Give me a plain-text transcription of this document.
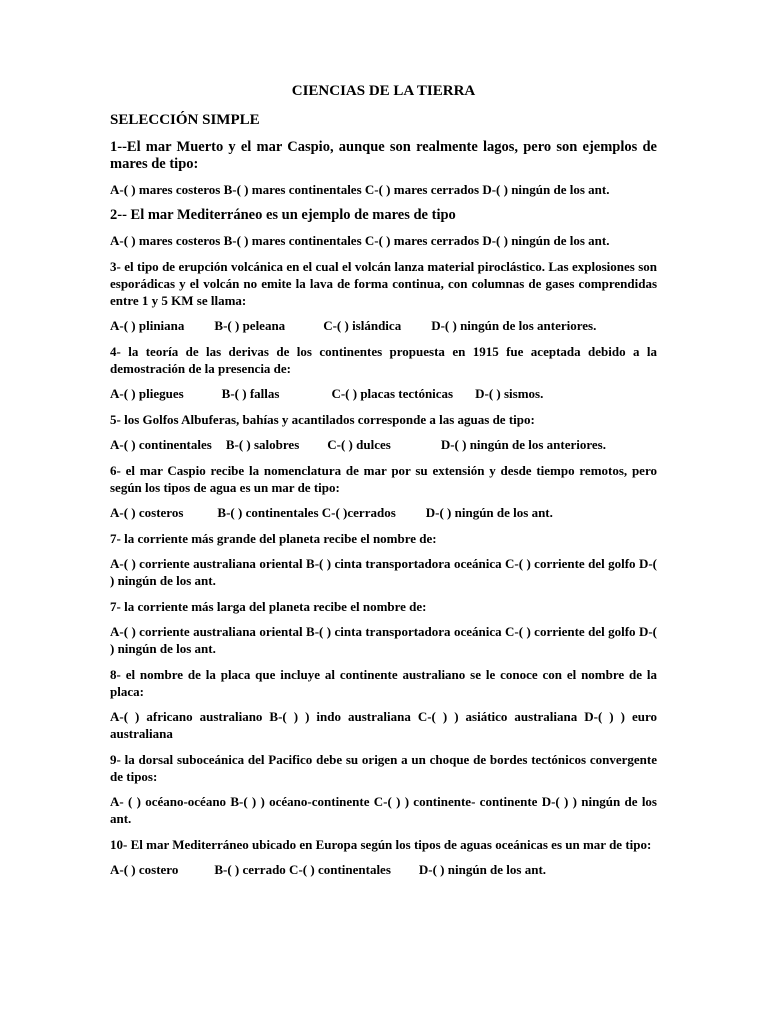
CIENCIAS DE LA TIERRA
SELECCIÓN SIMPLE
1--El mar Muerto y el mar Caspio, aunque son realmente lagos, pero son ejemplos de mares de tipo:
A-( ) mares costeros B-( ) mares continentales C-( ) mares cerrados D-( ) ningún de los ant.
2-- El mar Mediterráneo es un ejemplo de mares de tipo
A-( ) mares costeros B-( ) mares continentales C-( ) mares cerrados D-( ) ningún de los ant.
3- el tipo de erupción volcánica en el cual el volcán lanza material piroclástico. Las explosiones son esporádicas y el volcán no emite la lava de forma continua, con columnas de gases comprendidas entre 1 y 5 KM se llama:
A-( ) pliniana B-( ) peleana	C-( ) islándica D-( ) ningún de los anteriores.
4- la teoría de las derivas de los continentes propuesta en 1915 fue aceptada debido a la demostración de la presencia de:
A-( ) pliegues	B-( ) fallas	C-( ) placas tectónicas D-( ) sismos.
5- los Golfos Albuferas, bahías y acantilados corresponde a las aguas de tipo:
A-( ) continentales B-( ) salobres C-( ) dulces	D-( ) ningún de los anteriores.
6- el mar Caspio recibe la nomenclatura de mar por su extensión y desde tiempo remotos, pero según los tipos de agua es un mar de tipo:
A-( ) costeros	B-( ) continentales C-( )cerrados D-( ) ningún de los ant.
7- la corriente más grande del planeta recibe el nombre de:
A-( ) corriente australiana oriental B-( ) cinta transportadora oceánica C-( ) corriente del golfo D-( ) ningún de los ant.
7- la corriente más larga del planeta recibe el nombre de:
A-( ) corriente australiana oriental B-( ) cinta transportadora oceánica C-( ) corriente del golfo D-( ) ningún de los ant.
8- el nombre de la placa que incluye al continente australiano se le conoce con el nombre de la placa:
A-( ) africano australiano B-( ) ) indo australiana C-( ) ) asiático australiana D-( ) ) euro australiana
9- la dorsal suboceánica del Pacifico debe su origen a un choque de bordes tectónicos convergente de tipos:
A- ( ) océano-océano B-( ) ) océano-continente C-( ) ) continente- continente D-( ) ) ningún de los ant.
10- El mar Mediterráneo ubicado en Europa según los tipos de aguas oceánicas es un mar de tipo:
A-( ) costero	B-( ) cerrado C-( ) continentales D-( ) ningún de los ant.
